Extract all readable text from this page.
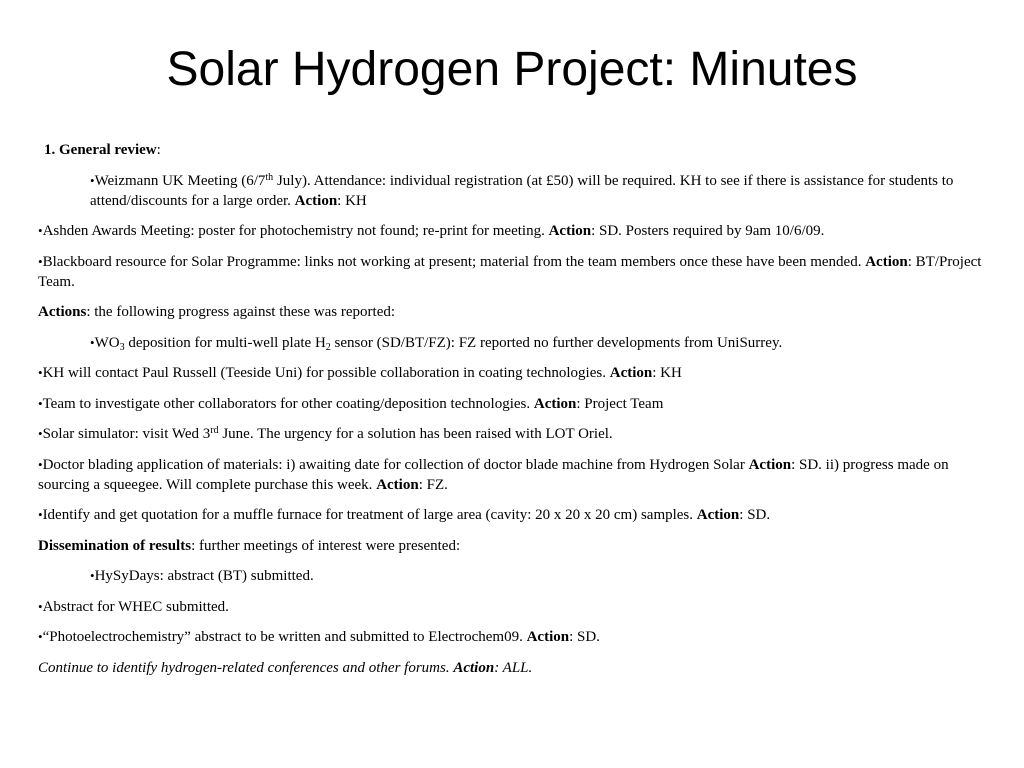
Solar Hydrogen Project: Minutes

1. General review:

•Weizmann UK Meeting (6/7th July). Attendance: individual registration (at £50) will be required. KH to see if there is assistance for students to attend/discounts for a large order. Action: KH

•Ashden Awards Meeting: poster for photochemistry not found; re-print for meeting. Action: SD. Posters required by 9am 10/6/09.

•Blackboard resource for Solar Programme: links not working at present; material from the team members once these have been mended. Action: BT/Project Team.

Actions: the following progress against these was reported:

$•WO_3$ deposition for multi-well plate $H_2$ sensor (SD/BT/FZ): FZ reported no further developments from UniSurrey.

•KH will contact Paul Russell (Teeside Uni) for possible collaboration in coating technologies. Action: KH

•Team to investigate other collaborators for other coating/deposition technologies. Action: Project Team

•Solar simulator: visit Wed 3rd June. The urgency for a solution has been raised with LOT Oriel.

•Doctor blading application of materials: i) awaiting date for collection of doctor blade machine from Hydrogen Solar Action: SD. ii) progress made on sourcing a squeegee. Will complete purchase this week. Action: FZ.

•Identify and get quotation for a muffle furnace for treatment of large area (cavity: 20 x 20 x 20 cm) samples. Action: SD.

Dissemination of results: further meetings of interest were presented:

•HySyDays: abstract (BT) submitted.

•Abstract for WHEC submitted.

•“Photoelectrochemistry” abstract to be written and submitted to Electrochem09. Action: SD.

Continue to identify hydrogen-related conferences and other forums. Action: ALL.
